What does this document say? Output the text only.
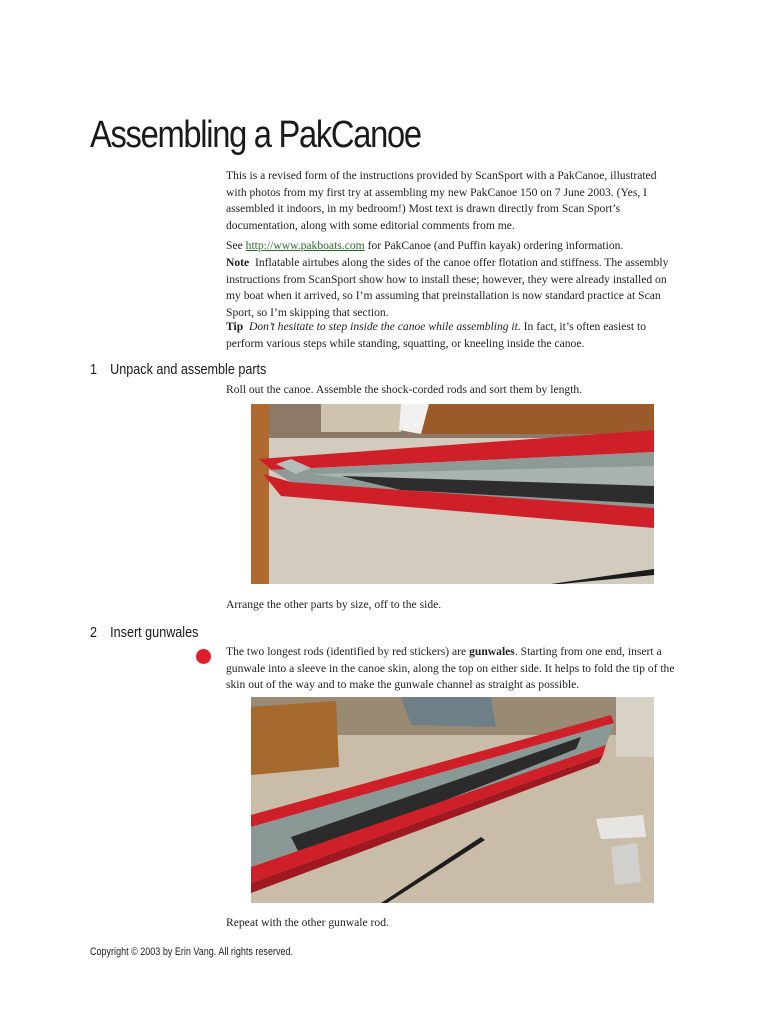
Assembling a PakCanoe

This is a revised form of the instructions provided by ScanSport with a PakCanoe, illustrated with photos from my first try at assembling my new PakCanoe 150 on 7 June 2003. (Yes, I assembled it indoors, in my bedroom!) Most text is drawn directly from Scan Sport’s documentation, along with some editorial comments from me.

See http://www.pakboats.com for PakCanoe (and Puffin kayak) ordering information.

Note Inflatable airtubes along the sides of the canoe offer flotation and stiffness. The assembly instructions from ScanSport show how to install these; however, they were already installed on my boat when it arrived, so I’m assuming that preinstallation is now standard practice at Scan Sport, so I’m skipping that section.

Tip Don’t hesitate to step inside the canoe while assembling it. In fact, it’s often easiest to perform various steps while standing, squatting, or kneeling inside the canoe.

1 Unpack and assemble parts

Roll out the canoe. Assemble the shock-corded rods and sort them by length.

Arrange the other parts by size, off to the side.

2 Insert gunwales

The two longest rods (identified by red stickers) are gunwales. Starting from one end, insert a gunwale into a sleeve in the canoe skin, along the top on either side. It helps to fold the tip of the skin out of the way and to make the gunwale channel as straight as possible.

Repeat with the other gunwale rod.

Copyright © 2003 by Erin Vang. All rights reserved.
